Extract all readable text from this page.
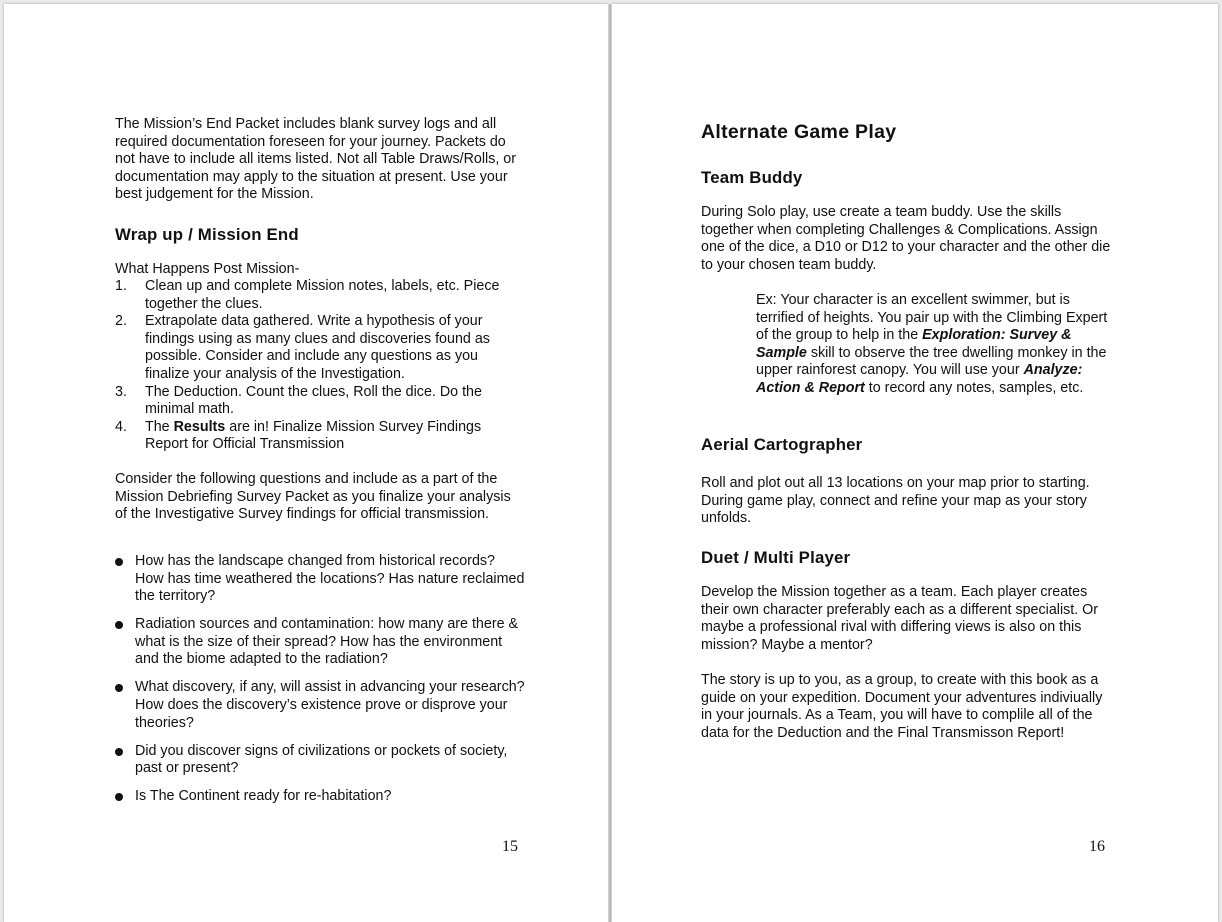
The Mission’s End Packet includes blank survey logs and all required documentation foreseen for your journey. Packets do not have to include all items listed. Not all Table Draws/Rolls, or documentation may apply to the situation at present. Use your best judgement for the Mission.

Wrap up / Mission End

What Happens Post Mission-

1. Clean up and complete Mission notes, labels, etc. Piece together the clues.
2. Extrapolate data gathered. Write a hypothesis of your findings using as many clues and discoveries found as possible. Consider and include any questions as you finalize your analysis of the Investigation.
3. The Deduction. Count the clues, Roll the dice. Do the minimal math.
4. The Results are in! Finalize Mission Survey Findings Report for Official Transmission

Consider the following questions and include as a part of the Mission Debriefing Survey Packet as you finalize your analysis of the Investigative Survey findings for official transmission.

How has the landscape changed from historical records? How has time weathered the locations? Has nature reclaimed the territory?
Radiation sources and contamination: how many are there & what is the size of their spread? How has the environment and the biome adapted to the radiation?
What discovery, if any, will assist in advancing your research? How does the discovery’s existence prove or disprove your theories?
Did you discover signs of civilizations or pockets of society, past or present?
Is The Continent ready for re-habitation?
15
Alternate Game Play
Team Buddy

During Solo play, use create a team buddy. Use the skills together when completing Challenges & Complications. Assign one of the dice, a D10 or D12 to your character and the other die to your chosen team buddy.

Ex: Your character is an excellent swimmer, but is terrified of heights. You pair up with the Climbing Expert of the group to help in the Exploration: Survey & Sample skill to observe the tree dwelling monkey in the upper rainforest canopy. You will use your Analyze: Action & Report to record any notes, samples, etc.

Aerial Cartographer

Roll and plot out all 13 locations on your map prior to starting. During game play, connect and refine your map as your story unfolds.

Duet / Multi Player

Develop the Mission together as a team. Each player creates their own character preferably each as a different specialist. Or maybe a professional rival with differing views is also on this mission? Maybe a mentor?

The story is up to you, as a group, to create with this book as a guide on your expedition. Document your adventures indiviually in your journals. As a Team, you will have to complile all of the data for the Deduction and the Final Transmisson Report!

16
